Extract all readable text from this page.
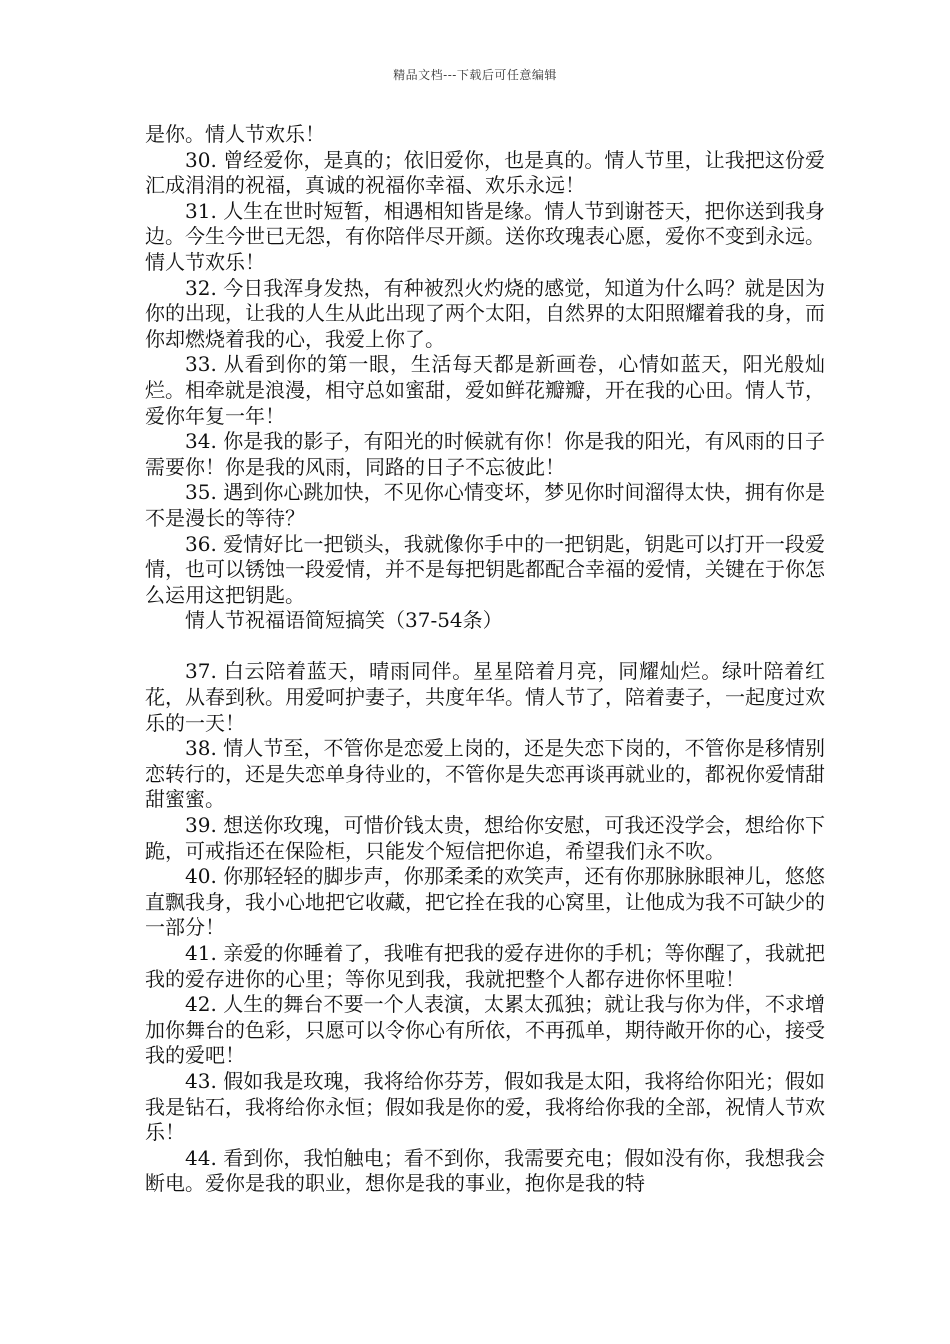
精品文档---下载后可任意编辑

是你。情人节欢乐！

30. 曾经爱你，是真的；依旧爱你，也是真的。情人节里，让我把这份爱汇成涓涓的祝福，真诚的祝福你幸福、欢乐永远！

31. 人生在世时短暂，相遇相知皆是缘。情人节到谢苍天，把你送到我身边。今生今世已无怨，有你陪伴尽开颜。送你玫瑰表心愿，爱你不变到永远。情人节欢乐！

32. 今日我浑身发热，有种被烈火灼烧的感觉，知道为什么吗？就是因为你的出现，让我的人生从此出现了两个太阳，自然界的太阳照耀着我的身，而你却燃烧着我的心，我爱上你了。

33. 从看到你的第一眼，生活每天都是新画卷，心情如蓝天，阳光般灿烂。相牵就是浪漫，相守总如蜜甜，爱如鲜花瓣瓣，开在我的心田。情人节，爱你年复一年！

34. 你是我的影子，有阳光的时候就有你！你是我的阳光，有风雨的日子需要你！你是我的风雨，同路的日子不忘彼此！

35. 遇到你心跳加快，不见你心情变坏，梦见你时间溜得太快，拥有你是不是漫长的等待？

36. 爱情好比一把锁头，我就像你手中的一把钥匙，钥匙可以打开一段爱情，也可以锈蚀一段爱情，并不是每把钥匙都配合幸福的爱情，关键在于你怎么运用这把钥匙。

情人节祝福语简短搞笑（37-54条）

37. 白云陪着蓝天，晴雨同伴。星星陪着月亮，同耀灿烂。绿叶陪着红花，从春到秋。用爱呵护妻子，共度年华。情人节了，陪着妻子，一起度过欢乐的一天！

38. 情人节至，不管你是恋爱上岗的，还是失恋下岗的，不管你是移情别恋转行的，还是失恋单身待业的，不管你是失恋再谈再就业的，都祝你爱情甜甜蜜蜜。

39. 想送你玫瑰，可惜价钱太贵，想给你安慰，可我还没学会，想给你下跪，可戒指还在保险柜，只能发个短信把你追，希望我们永不吹。

40. 你那轻轻的脚步声，你那柔柔的欢笑声，还有你那脉脉眼神儿，悠悠直飘我身，我小心地把它收藏，把它拴在我的心窝里，让他成为我不可缺少的一部分！

41. 亲爱的你睡着了，我唯有把我的爱存进你的手机；等你醒了，我就把我的爱存进你的心里；等你见到我，我就把整个人都存进你怀里啦！

42. 人生的舞台不要一个人表演，太累太孤独；就让我与你为伴，不求增加你舞台的色彩，只愿可以令你心有所依，不再孤单，期待敞开你的心，接受我的爱吧！

43. 假如我是玫瑰，我将给你芬芳，假如我是太阳，我将给你阳光；假如我是钻石，我将给你永恒；假如我是你的爱，我将给你我的全部，祝情人节欢乐！

44. 看到你，我怕触电；看不到你，我需要充电；假如没有你，我想我会断电。爱你是我的职业，想你是我的事业，抱你是我的特
